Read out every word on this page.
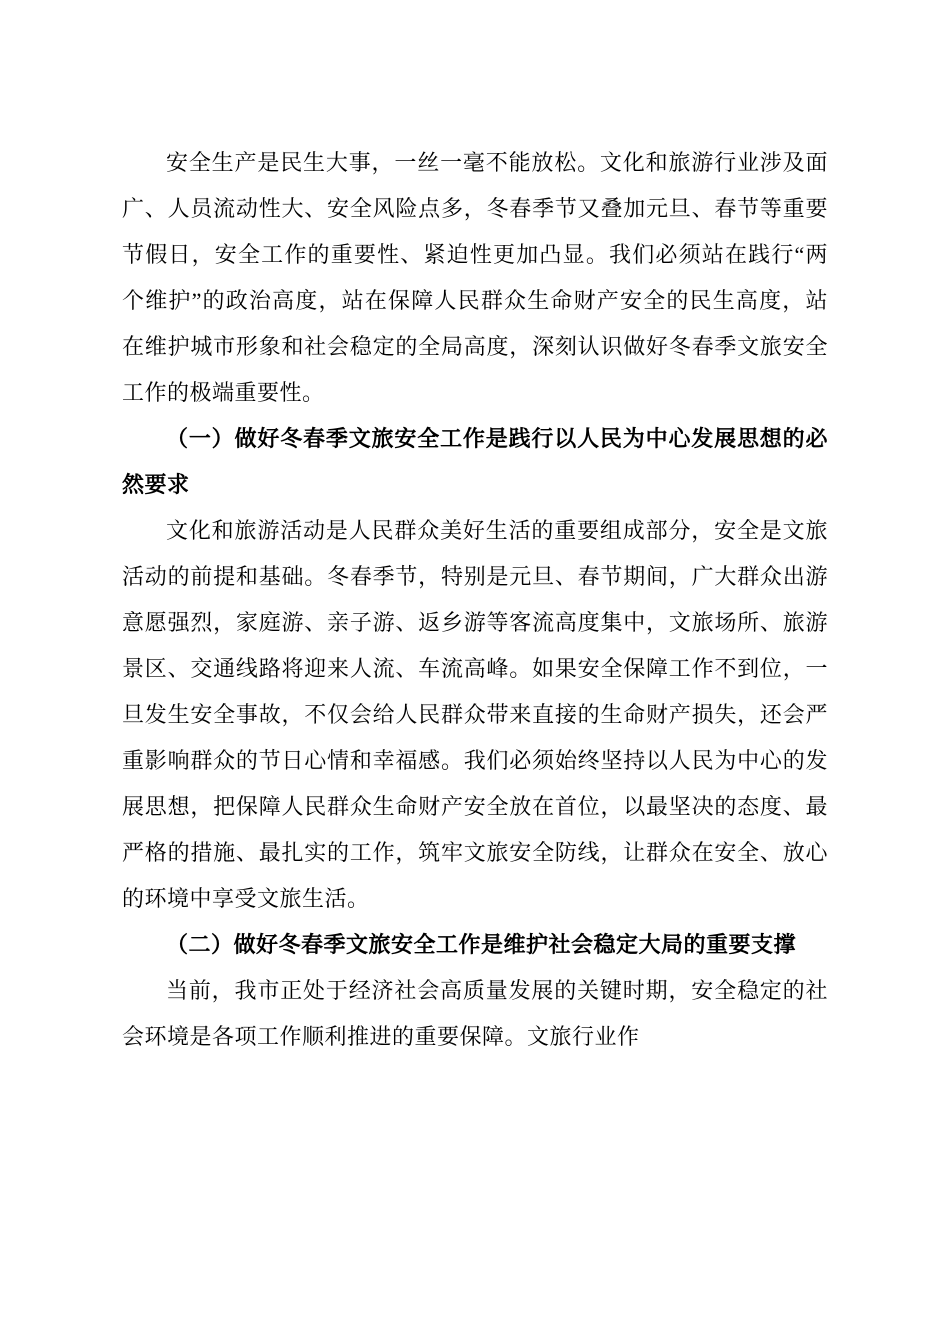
安全生产是民生大事，一丝一毫不能放松。文化和旅游行业涉及面广、人员流动性大、安全风险点多，冬春季节又叠加元旦、春节等重要节假日，安全工作的重要性、紧迫性更加凸显。我们必须站在践行“两个维护”的政治高度，站在保障人民群众生命财产安全的民生高度，站在维护城市形象和社会稳定的全局高度，深刻认识做好冬春季文旅安全工作的极端重要性。

（一）做好冬春季文旅安全工作是践行以人民为中心发展思想的必然要求

文化和旅游活动是人民群众美好生活的重要组成部分，安全是文旅活动的前提和基础。冬春季节，特别是元旦、春节期间，广大群众出游意愿强烈，家庭游、亲子游、返乡游等客流高度集中，文旅场所、旅游景区、交通线路将迎来人流、车流高峰。如果安全保障工作不到位，一旦发生安全事故，不仅会给人民群众带来直接的生命财产损失，还会严重影响群众的节日心情和幸福感。我们必须始终坚持以人民为中心的发展思想，把保障人民群众生命财产安全放在首位，以最坚决的态度、最严格的措施、最扎实的工作，筑牢文旅安全防线，让群众在安全、放心的环境中享受文旅生活。

（二）做好冬春季文旅安全工作是维护社会稳定大局的重要支撑

当前，我市正处于经济社会高质量发展的关键时期，安全稳定的社会环境是各项工作顺利推进的重要保障。文旅行业作
